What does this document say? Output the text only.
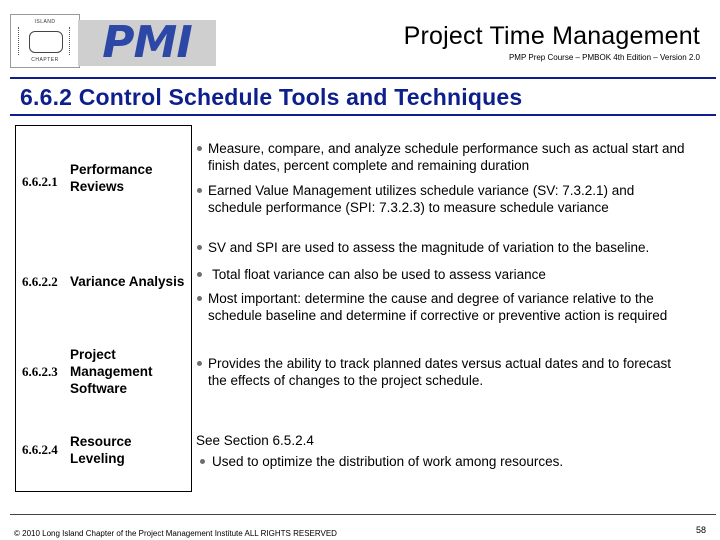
ISLAND
CHAPTER PMI	Project Time Management
PMP Prep Course – PMBOK 4th Edition – Version 2.0
6.6.2 Control Schedule Tools and Techniques
6.6.2.1
Performance
Reviews
Measure, compare, and analyze schedule performance such as actual start and
finish dates, percent complete and remaining duration
Earned Value Management utilizes schedule variance (SV: 7.3.2.1) and
schedule performance (SPI: 7.3.2.3) to measure schedule variance
6.6.2.2 Variance Analysis
SV and SPI are used to assess the magnitude of variation to the baseline.
Total float variance can also be used to assess variance
Most important: determine the cause and degree of variance relative to the
schedule baseline and determine if corrective or preventive action is required
6.6.2.3
Project
Management
Software
Provides the ability to track planned dates versus actual dates and to forecast
the effects of changes to the project schedule.
6.6.2.4
Resource
Leveling
See Section 6.5.2.4
Used to optimize the distribution of work among resources.
© 2010 Long Island Chapter of the Project Management Institute ALL RIGHTS RESERVED	58
